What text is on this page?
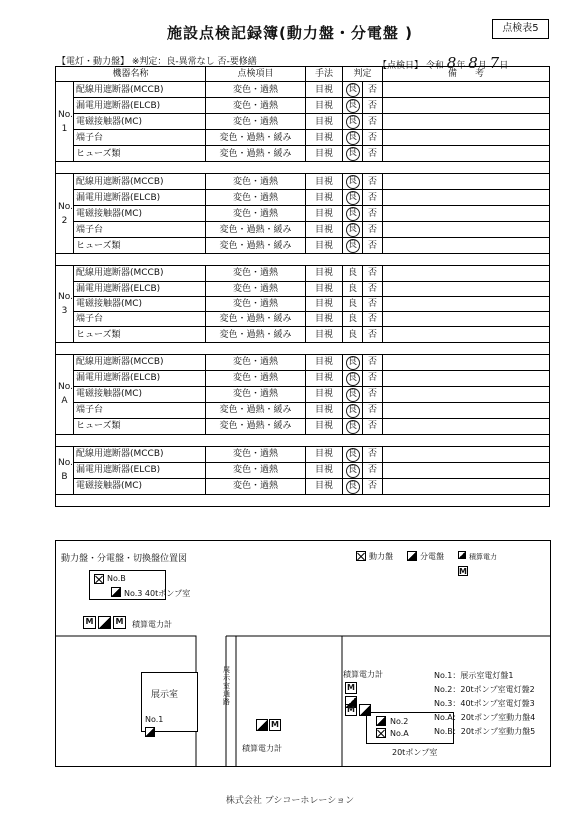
施設点検記録簿(動力盤・分電盤 )	点検表5
【電灯・動力盤】 ※判定：良-異常なし 否-要修繕	【点検日】 令和 8年 8月 7日
機器名称		点検項目	手法	判定		備　　考
No.
1	配線用遮断器(MCCB)	変色・過熱	目視	良	否	
	漏電用遮断器(ELCB)	変色・過熱	目視	良	否	
	電磁接触器(MC)	変色・過熱	目視	良	否	
	端子台	変色・過熱・緩み	目視	良	否	
	ヒューズ類	変色・過熱・緩み	目視	良	否	

No.
2	配線用遮断器(MCCB)	変色・過熱	目視	良	否	
	漏電用遮断器(ELCB)	変色・過熱	目視	良	否	
	電磁接触器(MC)	変色・過熱	目視	良	否	
	端子台	変色・過熱・緩み	目視	良	否	
	ヒューズ類	変色・過熱・緩み	目視	良	否	

No.
3	配線用遮断器(MCCB)	変色・過熱	目視	良	否	
	漏電用遮断器(ELCB)	変色・過熱	目視	良	否	
	電磁接触器(MC)	変色・過熱	目視	良	否	
	端子台	変色・過熱・緩み	目視	良	否	
	ヒューズ類	変色・過熱・緩み	目視	良	否	

No.
A	配線用遮断器(MCCB)	変色・過熱	目視	良	否	
	漏電用遮断器(ELCB)	変色・過熱	目視	良	否	
	電磁接触器(MC)	変色・過熱	目視	良	否	
	端子台	変色・過熱・緩み	目視	良	否	
	ヒューズ類	変色・過熱・緩み	目視	良	否	

No.
B	配線用遮断器(MCCB)	変色・過熱	目視	良	否	
	漏電用遮断器(ELCB)	変色・過熱	目視	良	否	
	電磁接触器(MC)	変色・過熱	目視	良	否	

動力盤・分電盤・切換盤位置図	動力盤	分電盤	積算電力
M
No.B
No.3 40tポンプ室
M	M	積算電力計
展示室
No.1
展示室通路
M
積算電力計
積算電力計
M
M
No.2
No.A
20tポンプ室
No.1：展示室電灯盤1
No.2：20tポンプ室電灯盤2
No.3：40tポンプ室電灯盤3
No.A：20tポンプ室動力盤4
No.B：20tポンプ室動力盤5
株式会社 ブシコーホレーション
